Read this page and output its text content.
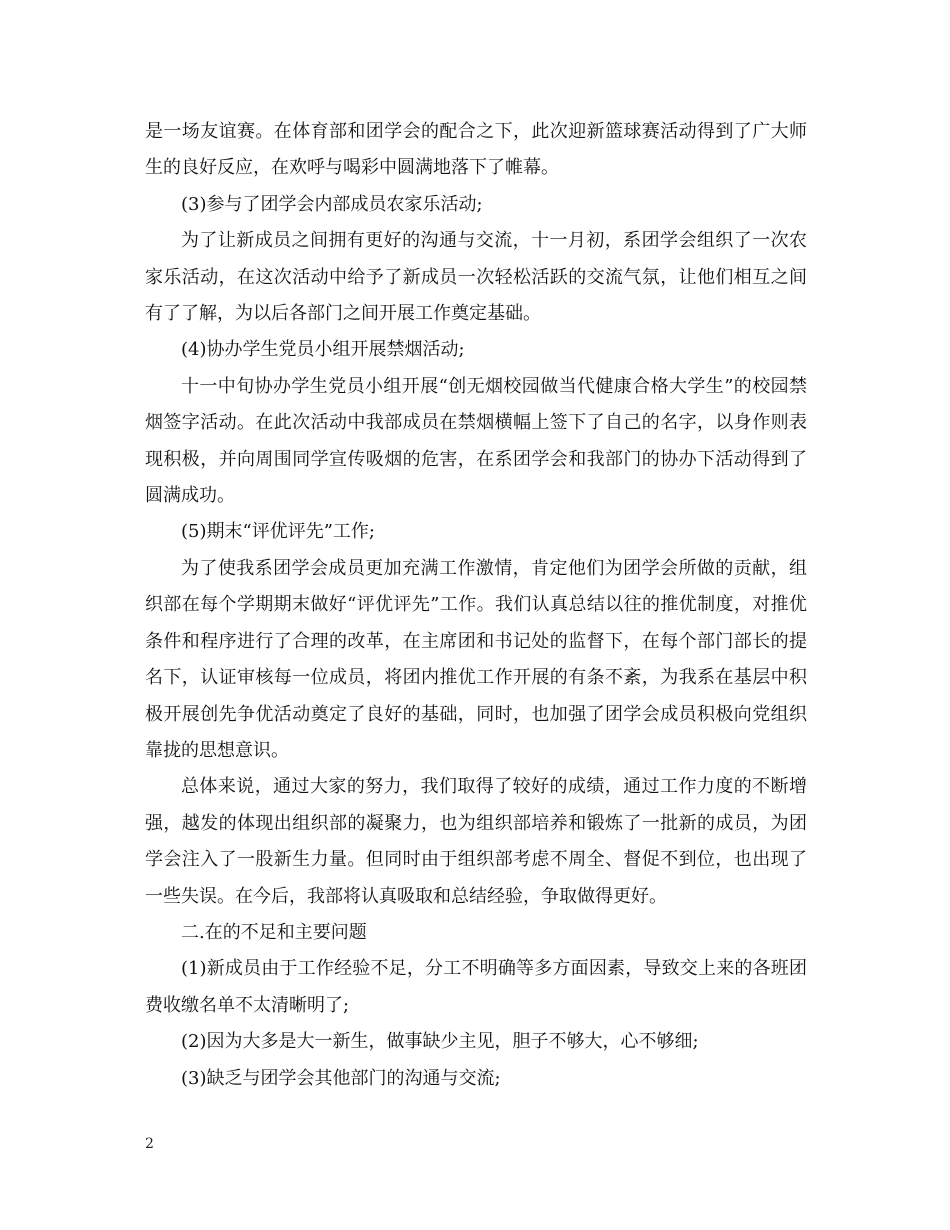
是一场友谊赛。在体育部和团学会的配合之下，此次迎新篮球赛活动得到了广大师生的良好反应，在欢呼与喝彩中圆满地落下了帷幕。

(3)参与了团学会内部成员农家乐活动;

为了让新成员之间拥有更好的沟通与交流，十一月初，系团学会组织了一次农家乐活动，在这次活动中给予了新成员一次轻松活跃的交流气氛，让他们相互之间有了了解，为以后各部门之间开展工作奠定基础。

(4)协办学生党员小组开展禁烟活动;

十一中旬协办学生党员小组开展“创无烟校园做当代健康合格大学生”的校园禁烟签字活动。在此次活动中我部成员在禁烟横幅上签下了自己的名字，以身作则表现积极，并向周围同学宣传吸烟的危害，在系团学会和我部门的协办下活动得到了圆满成功。

(5)期末“评优评先”工作;

为了使我系团学会成员更加充满工作激情，肯定他们为团学会所做的贡献，组织部在每个学期期末做好“评优评先”工作。我们认真总结以往的推优制度，对推优条件和程序进行了合理的改革，在主席团和书记处的监督下，在每个部门部长的提名下，认证审核每一位成员，将团内推优工作开展的有条不紊，为我系在基层中积极开展创先争优活动奠定了良好的基础，同时，也加强了团学会成员积极向党组织靠拢的思想意识。

总体来说，通过大家的努力，我们取得了较好的成绩，通过工作力度的不断增强，越发的体现出组织部的凝聚力，也为组织部培养和锻炼了一批新的成员，为团学会注入了一股新生力量。但同时由于组织部考虑不周全、督促不到位，也出现了一些失误。在今后，我部将认真吸取和总结经验，争取做得更好。

二.在的不足和主要问题

(1)新成员由于工作经验不足，分工不明确等多方面因素，导致交上来的各班团费收缴名单不太清晰明了;

(2)因为大多是大一新生，做事缺少主见，胆子不够大，心不够细;

(3)缺乏与团学会其他部门的沟通与交流;

2
